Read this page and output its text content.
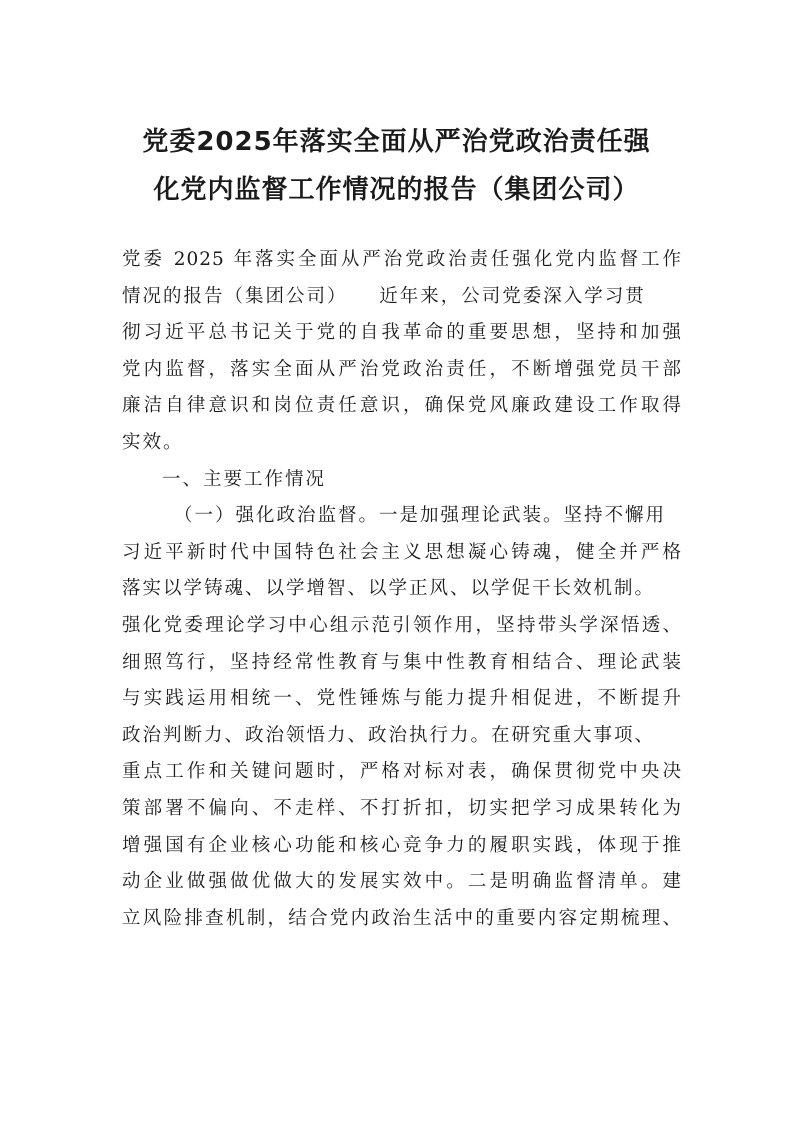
党委2025年落实全面从严治党政治责任强
化党内监督工作情况的报告（集团公司）
党委 2025 年落实全面从严治党政治责任强化党内监督工作
情况的报告（集团公司）　　近年来，公司党委深入学习贯
彻习近平总书记关于党的自我革命的重要思想，坚持和加强
党内监督，落实全面从严治党政治责任，不断增强党员干部
廉洁自律意识和岗位责任意识，确保党风廉政建设工作取得
实效。
一、主要工作情况
（一）强化政治监督。一是加强理论武装。坚持不懈用
习近平新时代中国特色社会主义思想凝心铸魂，健全并严格
落实以学铸魂、以学增智、以学正风、以学促干长效机制。
强化党委理论学习中心组示范引领作用，坚持带头学深悟透、
细照笃行，坚持经常性教育与集中性教育相结合、理论武装
与实践运用相统一、党性锤炼与能力提升相促进，不断提升
政治判断力、政治领悟力、政治执行力。在研究重大事项、
重点工作和关键问题时，严格对标对表，确保贯彻党中央决
策部署不偏向、不走样、不打折扣，切实把学习成果转化为
增强国有企业核心功能和核心竞争力的履职实践，体现于推
动企业做强做优做大的发展实效中。二是明确监督清单。建
立风险排查机制，结合党内政治生活中的重要内容定期梳理、
